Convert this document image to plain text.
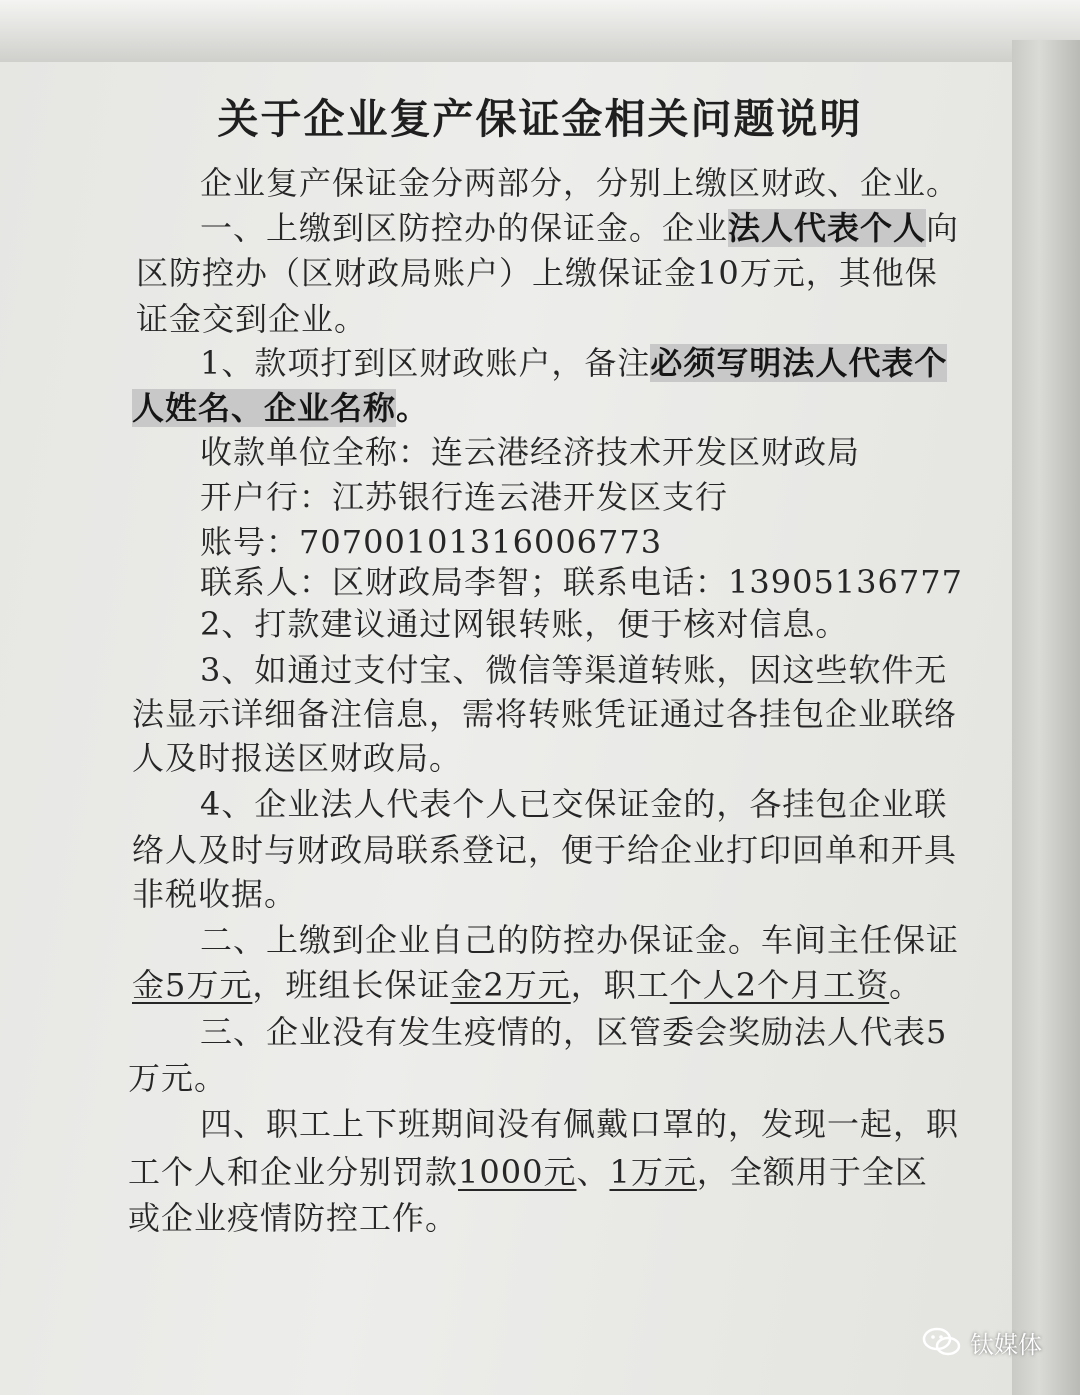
关于企业复产保证金相关问题说明
企业复产保证金分两部分，分别上缴区财政、企业。
一、上缴到区防控办的保证金。企业法人代表个人向
区防控办（区财政局账户）上缴保证金10万元，其他保
证金交到企业。
1、款项打到区财政账户，备注必须写明法人代表个
人姓名、企业名称。
收款单位全称：连云港经济技术开发区财政局
开户行：江苏银行连云港开发区支行
账号：70700101316006773
联系人：区财政局李智；联系电话：13905136777
2、打款建议通过网银转账，便于核对信息。
3、如通过支付宝、微信等渠道转账，因这些软件无
法显示详细备注信息，需将转账凭证通过各挂包企业联络
人及时报送区财政局。
4、企业法人代表个人已交保证金的，各挂包企业联
络人及时与财政局联系登记，便于给企业打印回单和开具
非税收据。
二、上缴到企业自己的防控办保证金。车间主任保证
金5万元，班组长保证金2万元，职工个人2个月工资。
三、企业没有发生疫情的，区管委会奖励法人代表5
万元。
四、职工上下班期间没有佩戴口罩的，发现一起，职
工个人和企业分别罚款1000元、1万元，全额用于全区
或企业疫情防控工作。
钛媒体
